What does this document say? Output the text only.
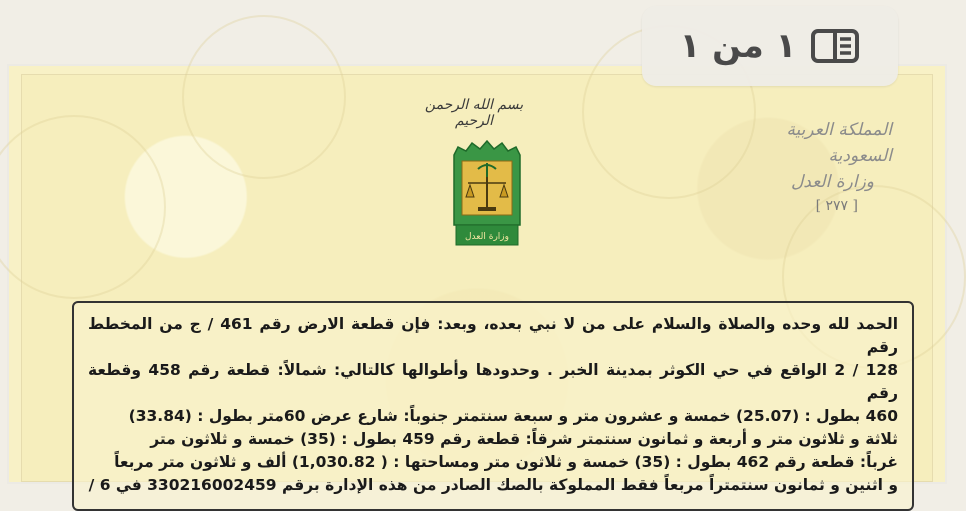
بسم الله الرحمن الرحيم
وزارة العدل
المملكة العربية السعودية
وزارة العدل
[ ٢٧٧ ]

الحمد لله وحده والصلاة والسلام على من لا نبي بعده، وبعد: فإن قطعة الارض رقم 461 / ج من المخطط رقم

128 / 2 الواقع في حي الكوثر بمدينة الخبر . وحدودها وأطوالها كالتالي: شمالاً: قطعة رقم 458 وقطعة رقم

460 بطول : (25.07) خمسة و عشرون متر و سبعة سنتمتر جنوباً: شارع عرض 60متر بطول : (33.84)

ثلاثة و ثلاثون متر و أربعة و ثمانون سنتمتر شرقاً: قطعة رقم 459 بطول : (35) خمسة و ثلاثون متر

غرباً: قطعة رقم 462 بطول : (35) خمسة و ثلاثون متر ومساحتها : ( 1,030.82) ألف و ثلاثون متر مربعاً

و اثنين و ثمانون سنتمتراً مربعاً فقط المملوكة بالصك الصادر من هذه الإدارة برقم 330216002459 في 6 /

١ من ١
